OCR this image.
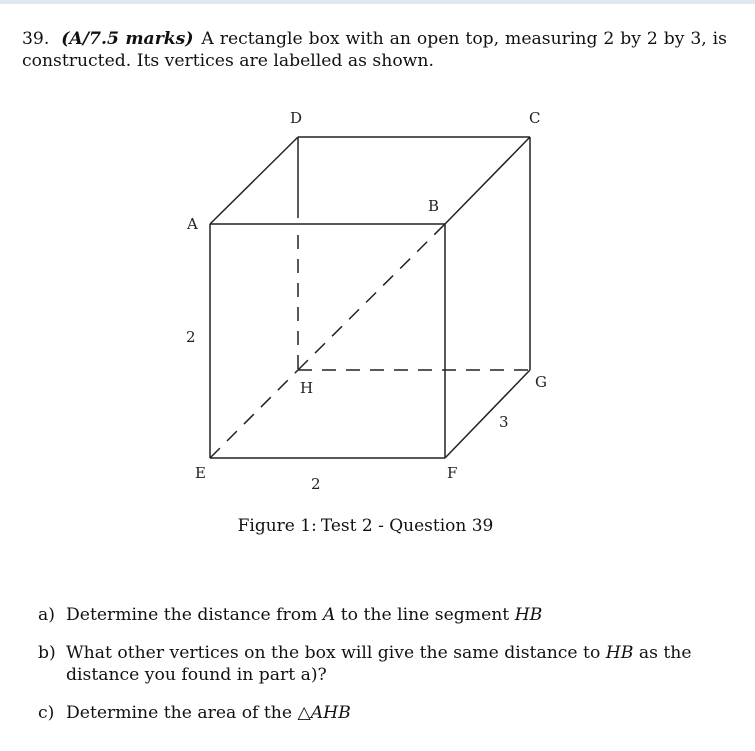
39. (A/7.5 marks) A rectangle box with an open top, measuring 2 by 2 by 3, is constructed. Its vertices are labelled as shown.
A
B
C
D
E	F
G
H
2
2
3
Figure 1: Test 2 - Question 39
a) Determine the distance from A to the line segment HB
b) What other vertices on the box will give the same distance to HB as the distance you found in part a)?
c) Determine the area of the △AHB
